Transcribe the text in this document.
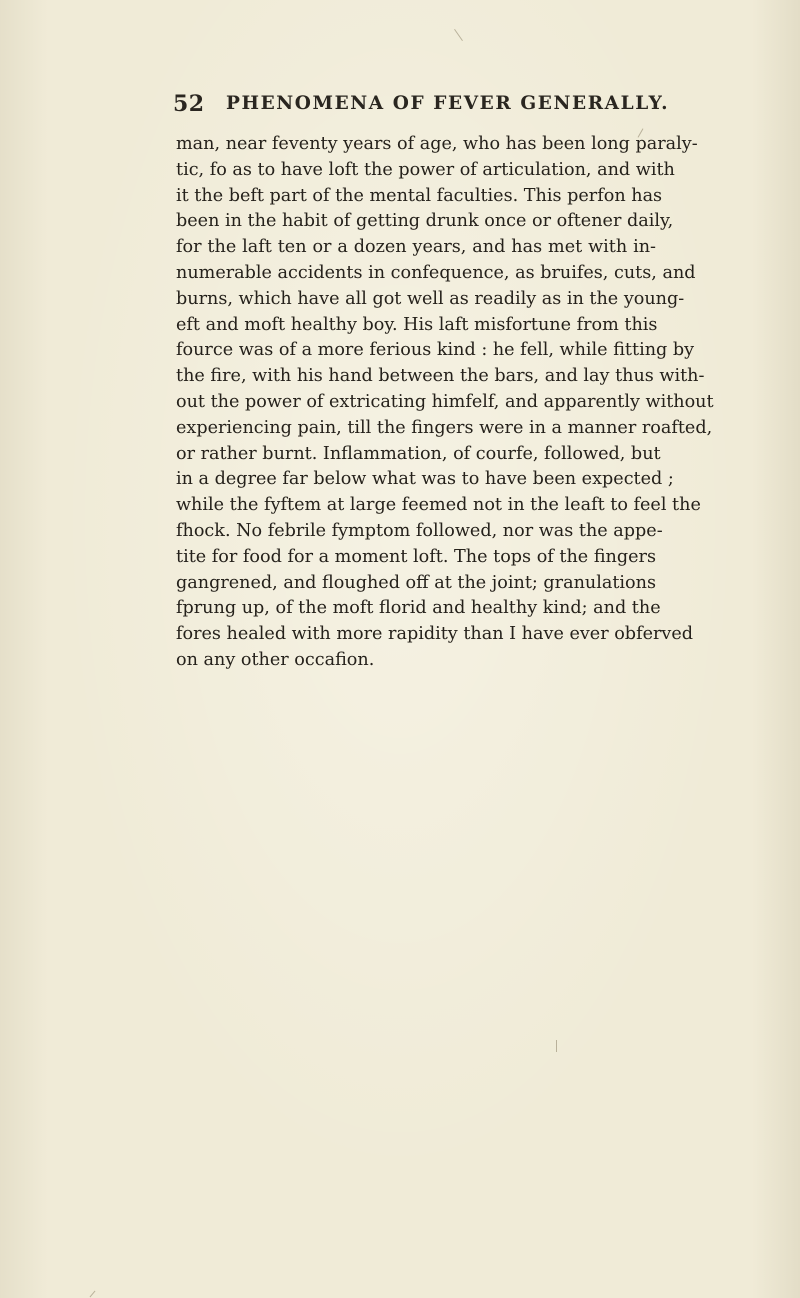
52 PHENOMENA OF FEVER GENERALLY.
man, near feventy years of age, who has been long paraly-
tic, fo as to have loft the power of articulation, and with
it the beft part of the mental faculties. This perfon has
been in the habit of getting drunk once or oftener daily,
for the laft ten or a dozen years, and has met with in-
numerable accidents in confequence, as bruifes, cuts, and
burns, which have all got well as readily as in the young-
eft and moft healthy boy. His laft misfortune from this
fource was of a more ferious kind : he fell, while fitting by
the fire, with his hand between the bars, and lay thus with-
out the power of extricating himfelf, and apparently without
experiencing pain, till the fingers were in a manner roafted,
or rather burnt. Inflammation, of courfe, followed, but
in a degree far below what was to have been expected ;
while the fyftem at large feemed not in the leaft to feel the
fhock. No febrile fymptom followed, nor was the appe-
tite for food for a moment loft. The tops of the fingers
gangrened, and floughed off at the joint; granulations
fprung up, of the moft florid and healthy kind; and the
fores healed with more rapidity than I have ever obferved
on any other occafion.
